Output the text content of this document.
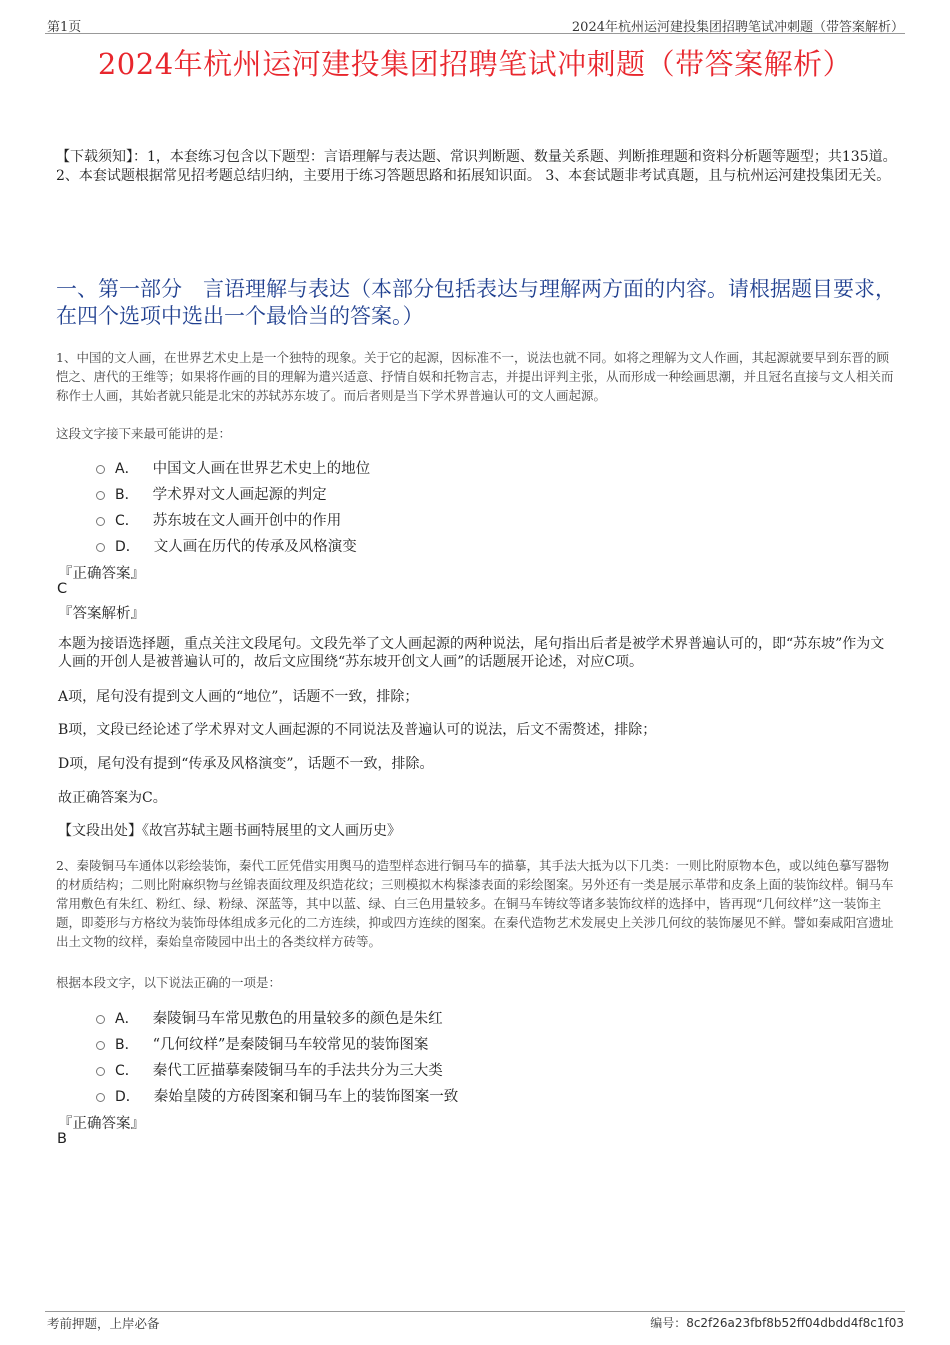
第1页	2024年杭州运河建投集团招聘笔试冲刺题（带答案解析）
2024年杭州运河建投集团招聘笔试冲刺题（带答案解析）
【下载须知】：1，本套练习包含以下题型：言语理解与表达题、常识判断题、数量关系题、判断推理题和资料分析题等题型；共135道。 2、本套试题根据常见招考题总结归纳，主要用于练习答题思路和拓展知识面。 3、本套试题非考试真题，且与杭州运河建投集团无关。
一、第一部分　言语理解与表达（本部分包括表达与理解两方面的内容。请根据题目要求，在四个选项中选出一个最恰当的答案。）
1、中国的文人画，在世界艺术史上是一个独特的现象。关于它的起源，因标准不一，说法也就不同。如将之理解为文人作画，其起源就要早到东晋的顾恺之、唐代的王维等；如果将作画的目的理解为遣兴适意、抒情自娱和托物言志，并提出评判主张，从而形成一种绘画思潮，并且冠名直接与文人相关而称作士人画，其始者就只能是北宋的苏轼苏东坡了。而后者则是当下学术界普遍认可的文人画起源。
这段文字接下来最可能讲的是：
A． 中国文人画在世界艺术史上的地位
B． 学术界对文人画起源的判定
C． 苏东坡在文人画开创中的作用
D． 文人画在历代的传承及风格演变
『正确答案』
C
『答案解析』
本题为接语选择题，重点关注文段尾句。文段先举了文人画起源的两种说法，尾句指出后者是被学术界普遍认可的，即“苏东坡”作为文人画的开创人是被普遍认可的，故后文应围绕“苏东坡开创文人画”的话题展开论述，对应C项。
A项，尾句没有提到文人画的“地位”，话题不一致，排除；
B项，文段已经论述了学术界对文人画起源的不同说法及普遍认可的说法，后文不需赘述，排除；
D项，尾句没有提到“传承及风格演变”，话题不一致，排除。
故正确答案为C。
【文段出处】《故宫苏轼主题书画特展里的文人画历史》
2、秦陵铜马车通体以彩绘装饰，秦代工匠凭借实用舆马的造型样态进行铜马车的描摹，其手法大抵为以下几类：一则比附原物本色，或以纯色摹写器物的材质结构；二则比附麻织物与丝锦表面纹理及织造花纹；三则模拟木构髹漆表面的彩绘图案。另外还有一类是展示革带和皮条上面的装饰纹样。铜马车常用敷色有朱红、粉红、绿、粉绿、深蓝等，其中以蓝、绿、白三色用量较多。在铜马车铸纹等诸多装饰纹样的选择中，皆再现“几何纹样”这一装饰主题，即菱形与方格纹为装饰母体组成多元化的二方连续，抑或四方连续的图案。在秦代造物艺术发展史上关涉几何纹的装饰屡见不鲜。譬如秦咸阳宫遗址出土文物的纹样，秦始皇帝陵园中出土的各类纹样方砖等。
根据本段文字，以下说法正确的一项是：
A． 秦陵铜马车常见敷色的用量较多的颜色是朱红
B． “几何纹样”是秦陵铜马车较常见的装饰图案
C． 秦代工匠描摹秦陵铜马车的手法共分为三大类
D． 秦始皇陵的方砖图案和铜马车上的装饰图案一致
『正确答案』
B
考前押题，上岸必备	编号：8c2f26a23fbf8b52ff04dbdd4f8c1f03
